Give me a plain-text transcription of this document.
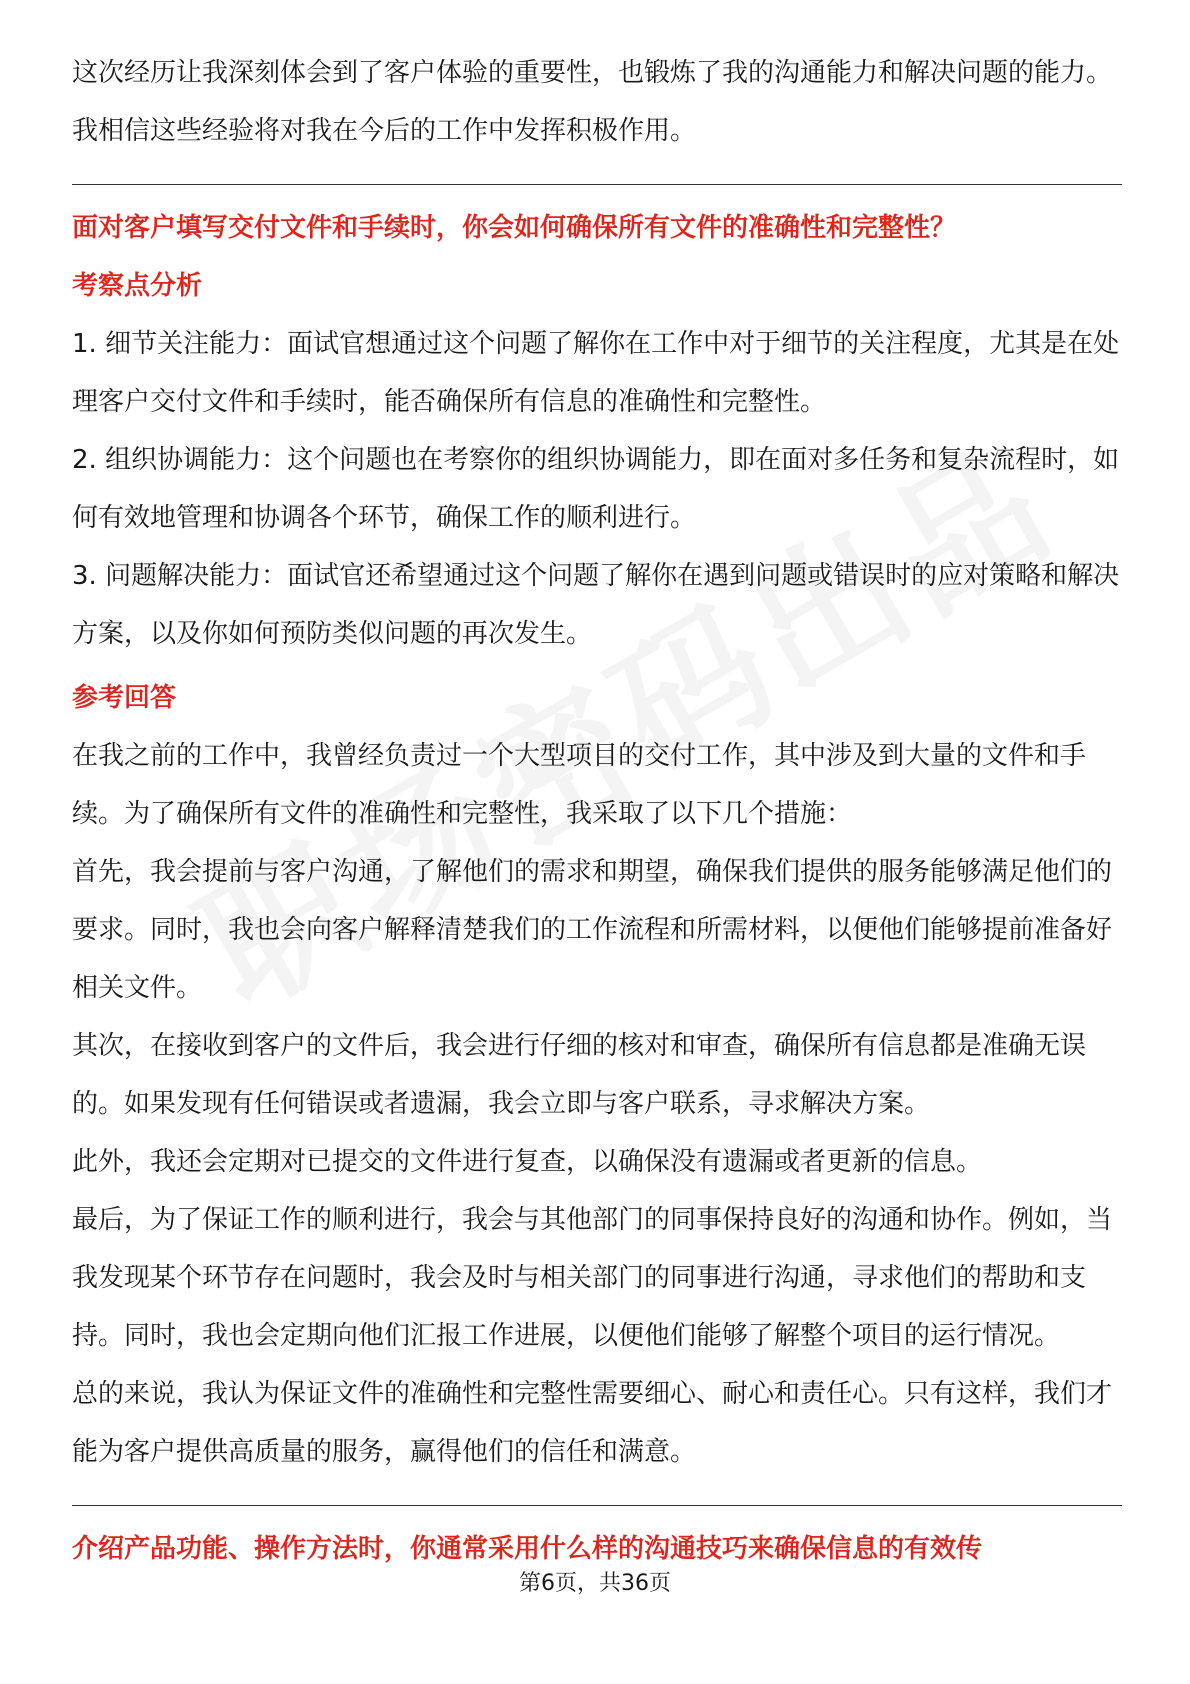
这次经历让我深刻体会到了客户体验的重要性，也锻炼了我的沟通能力和解决问题的能力。我相信这些经验将对我在今后的工作中发挥积极作用。

面对客户填写交付文件和手续时，你会如何确保所有文件的准确性和完整性？

考察点分析

1. 细节关注能力：面试官想通过这个问题了解你在工作中对于细节的关注程度，尤其是在处理客户交付文件和手续时，能否确保所有信息的准确性和完整性。

2. 组织协调能力：这个问题也在考察你的组织协调能力，即在面对多任务和复杂流程时，如何有效地管理和协调各个环节，确保工作的顺利进行。

3. 问题解决能力：面试官还希望通过这个问题了解你在遇到问题或错误时的应对策略和解决方案，以及你如何预防类似问题的再次发生。

参考回答

在我之前的工作中，我曾经负责过一个大型项目的交付工作，其中涉及到大量的文件和手续。为了确保所有文件的准确性和完整性，我采取了以下几个措施：

首先，我会提前与客户沟通，了解他们的需求和期望，确保我们提供的服务能够满足他们的要求。同时，我也会向客户解释清楚我们的工作流程和所需材料，以便他们能够提前准备好相关文件。

其次，在接收到客户的文件后，我会进行仔细的核对和审查，确保所有信息都是准确无误的。如果发现有任何错误或者遗漏，我会立即与客户联系，寻求解决方案。

此外，我还会定期对已提交的文件进行复查，以确保没有遗漏或者更新的信息。

最后，为了保证工作的顺利进行，我会与其他部门的同事保持良好的沟通和协作。例如，当我发现某个环节存在问题时，我会及时与相关部门的同事进行沟通，寻求他们的帮助和支持。同时，我也会定期向他们汇报工作进展，以便他们能够了解整个项目的运行情况。

总的来说，我认为保证文件的准确性和完整性需要细心、耐心和责任心。只有这样，我们才能为客户提供高质量的服务，赢得他们的信任和满意。

介绍产品功能、操作方法时，你通常采用什么样的沟通技巧来确保信息的有效传

第6页，共36页
